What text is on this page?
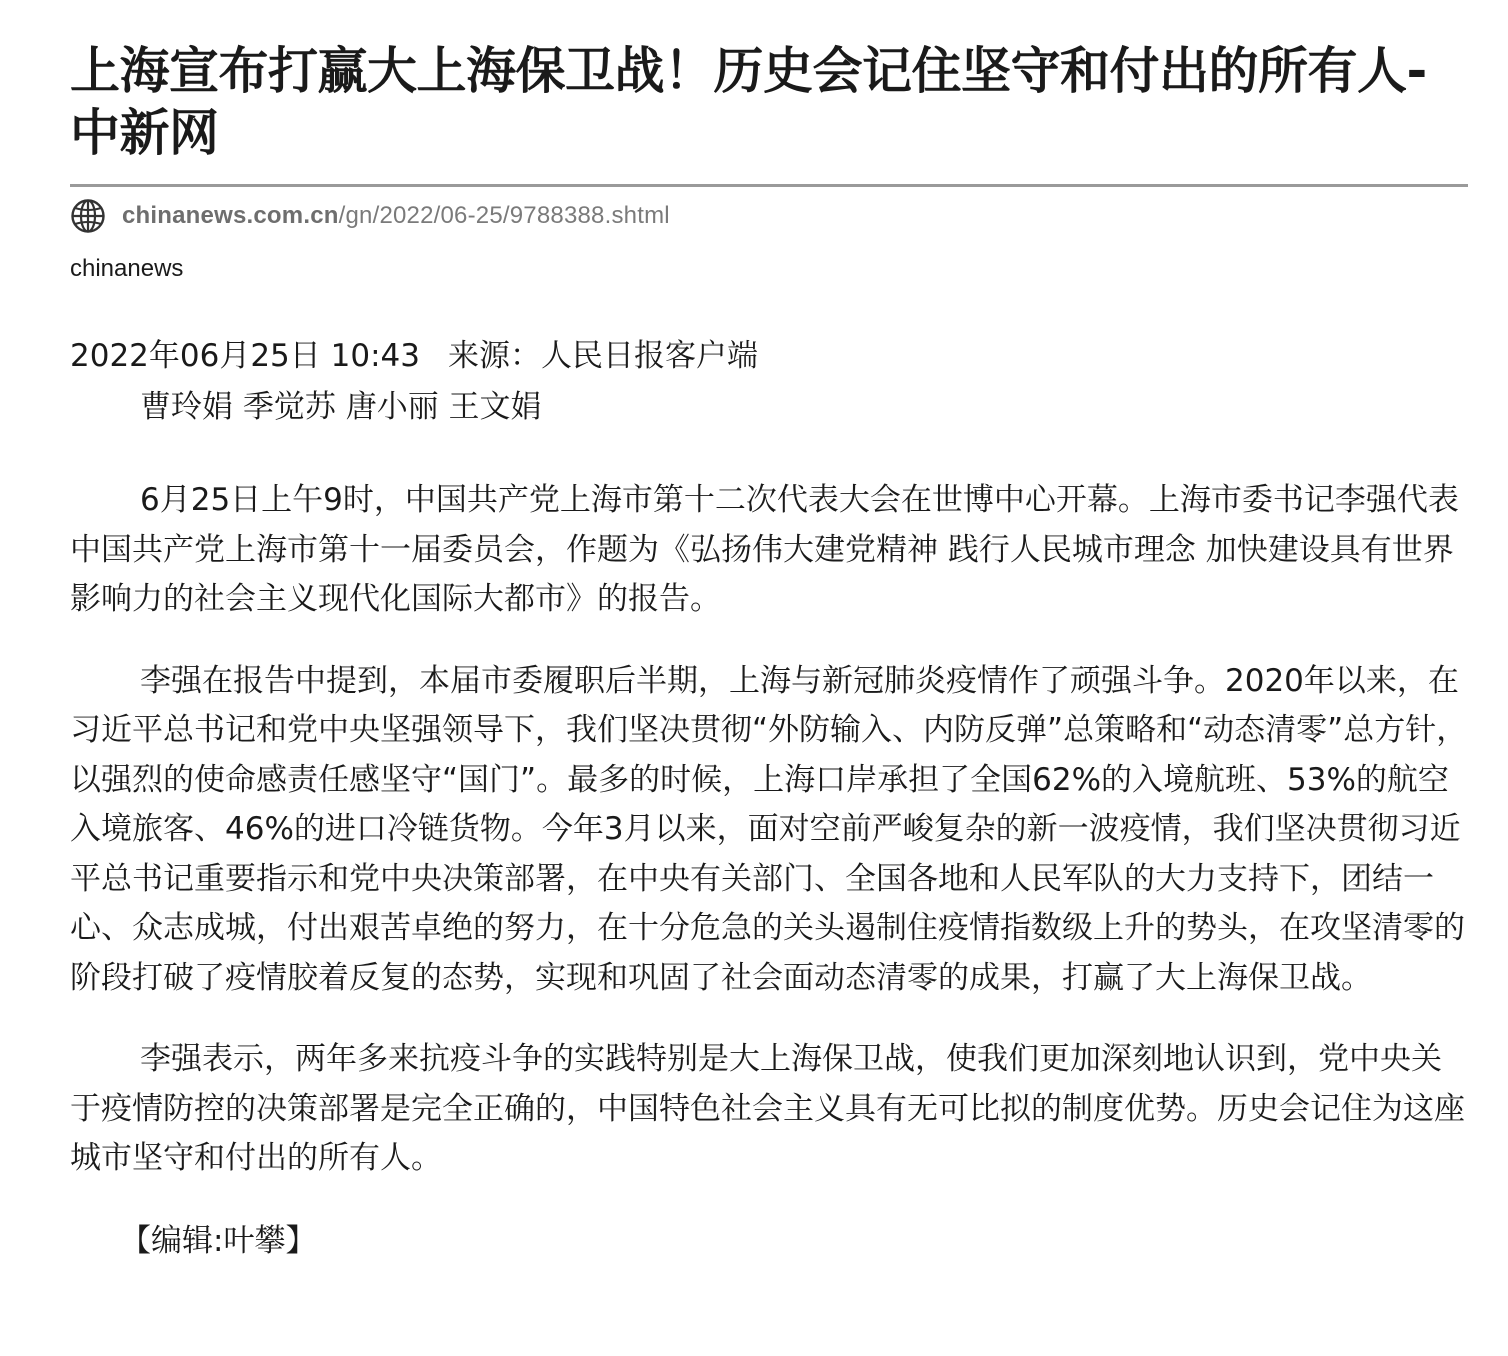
上海宣布打赢大上海保卫战！历史会记住坚守和付出的所有人-中新网
chinanews.com.cn/gn/2022/06-25/9788388.shtml
chinanews
2022年06月25日 10:43 来源：人民日报客户端
曹玲娟 季觉苏 唐小丽 王文娟

6月25日上午9时，中国共产党上海市第十二次代表大会在世博中心开幕。上海市委书记李强代表中国共产党上海市第十一届委员会，作题为《弘扬伟大建党精神 践行人民城市理念 加快建设具有世界影响力的社会主义现代化国际大都市》的报告。

李强在报告中提到，本届市委履职后半期，上海与新冠肺炎疫情作了顽强斗争。2020年以来，在习近平总书记和党中央坚强领导下，我们坚决贯彻“外防输入、内防反弹”总策略和“动态清零”总方针，以强烈的使命感责任感坚守“国门”。最多的时候，上海口岸承担了全国62%的入境航班、53%的航空入境旅客、46%的进口冷链货物。今年3月以来，面对空前严峻复杂的新一波疫情，我们坚决贯彻习近平总书记重要指示和党中央决策部署，在中央有关部门、全国各地和人民军队的大力支持下，团结一心、众志成城，付出艰苦卓绝的努力，在十分危急的关头遏制住疫情指数级上升的势头，在攻坚清零的阶段打破了疫情胶着反复的态势，实现和巩固了社会面动态清零的成果，打赢了大上海保卫战。

李强表示，两年多来抗疫斗争的实践特别是大上海保卫战，使我们更加深刻地认识到，党中央关于疫情防控的决策部署是完全正确的，中国特色社会主义具有无可比拟的制度优势。历史会记住为这座城市坚守和付出的所有人。

【编辑:叶攀】
